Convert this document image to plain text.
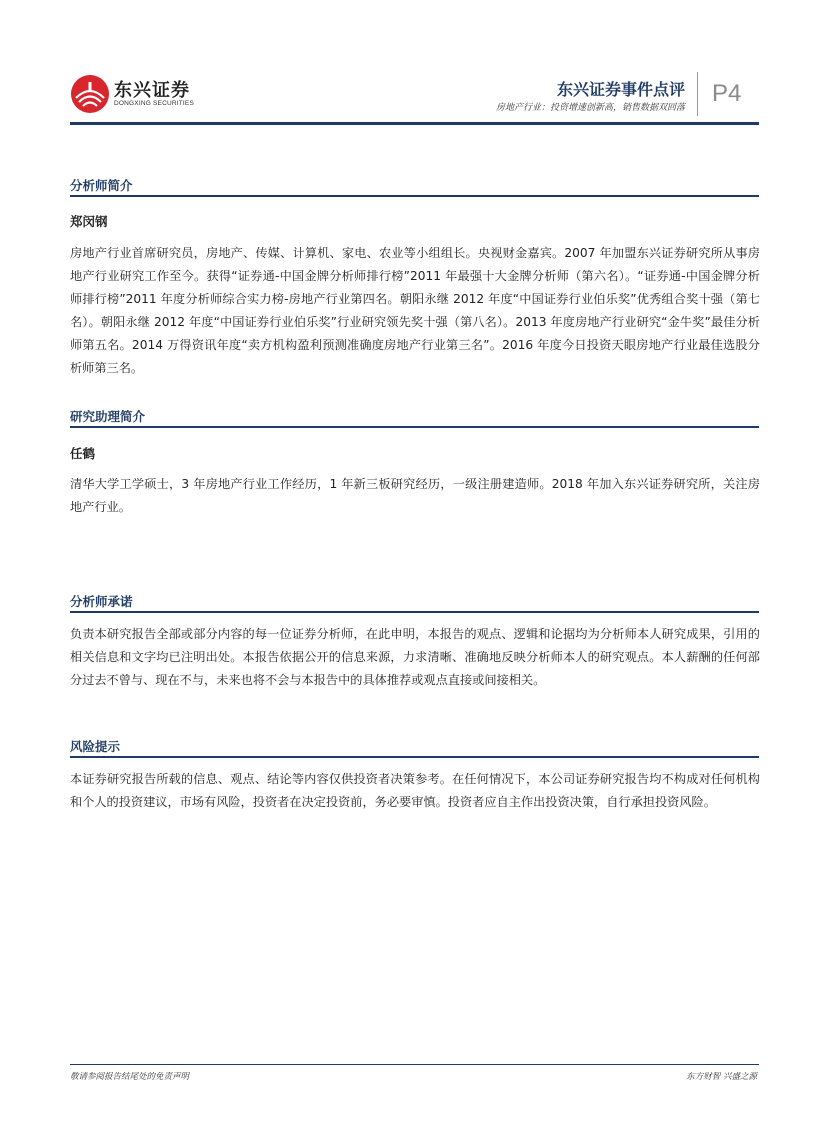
东兴证券
DONGXING SECURITIES
东兴证券事件点评
房地产行业：投资增速创新高，销售数据双回落
P4
分析师简介
郑闵钢

房地产行业首席研究员，房地产、传媒、计算机、家电、农业等小组组长。央视财金嘉宾。2007 年加盟东兴证券研究所从事房地产行业研究工作至今。获得“证券通-中国金牌分析师排行榜”2011 年最强十大金牌分析师（第六名）。“证券通-中国金牌分析师排行榜”2011 年度分析师综合实力榜-房地产行业第四名。朝阳永继 2012 年度“中国证券行业伯乐奖”优秀组合奖十强（第七名）。朝阳永继 2012 年度“中国证券行业伯乐奖”行业研究领先奖十强（第八名）。2013 年度房地产行业研究“金牛奖”最佳分析师第五名。2014 万得资讯年度“卖方机构盈利预测准确度房地产行业第三名”。2016 年度今日投资天眼房地产行业最佳选股分析师第三名。

研究助理简介
任鹤

清华大学工学硕士，3 年房地产行业工作经历，1 年新三板研究经历，一级注册建造师。2018 年加入东兴证券研究所，关注房地产行业。

分析师承诺

负责本研究报告全部或部分内容的每一位证券分析师，在此申明，本报告的观点、逻辑和论据均为分析师本人研究成果，引用的相关信息和文字均已注明出处。本报告依据公开的信息来源，力求清晰、准确地反映分析师本人的研究观点。本人薪酬的任何部分过去不曾与、现在不与，未来也将不会与本报告中的具体推荐或观点直接或间接相关。

风险提示

本证券研究报告所载的信息、观点、结论等内容仅供投资者决策参考。在任何情况下，本公司证券研究报告均不构成对任何机构和个人的投资建议，市场有风险，投资者在决定投资前，务必要审慎。投资者应自主作出投资决策，自行承担投资风险。

敬请参阅报告结尾处的免责声明	东方财智 兴盛之源
